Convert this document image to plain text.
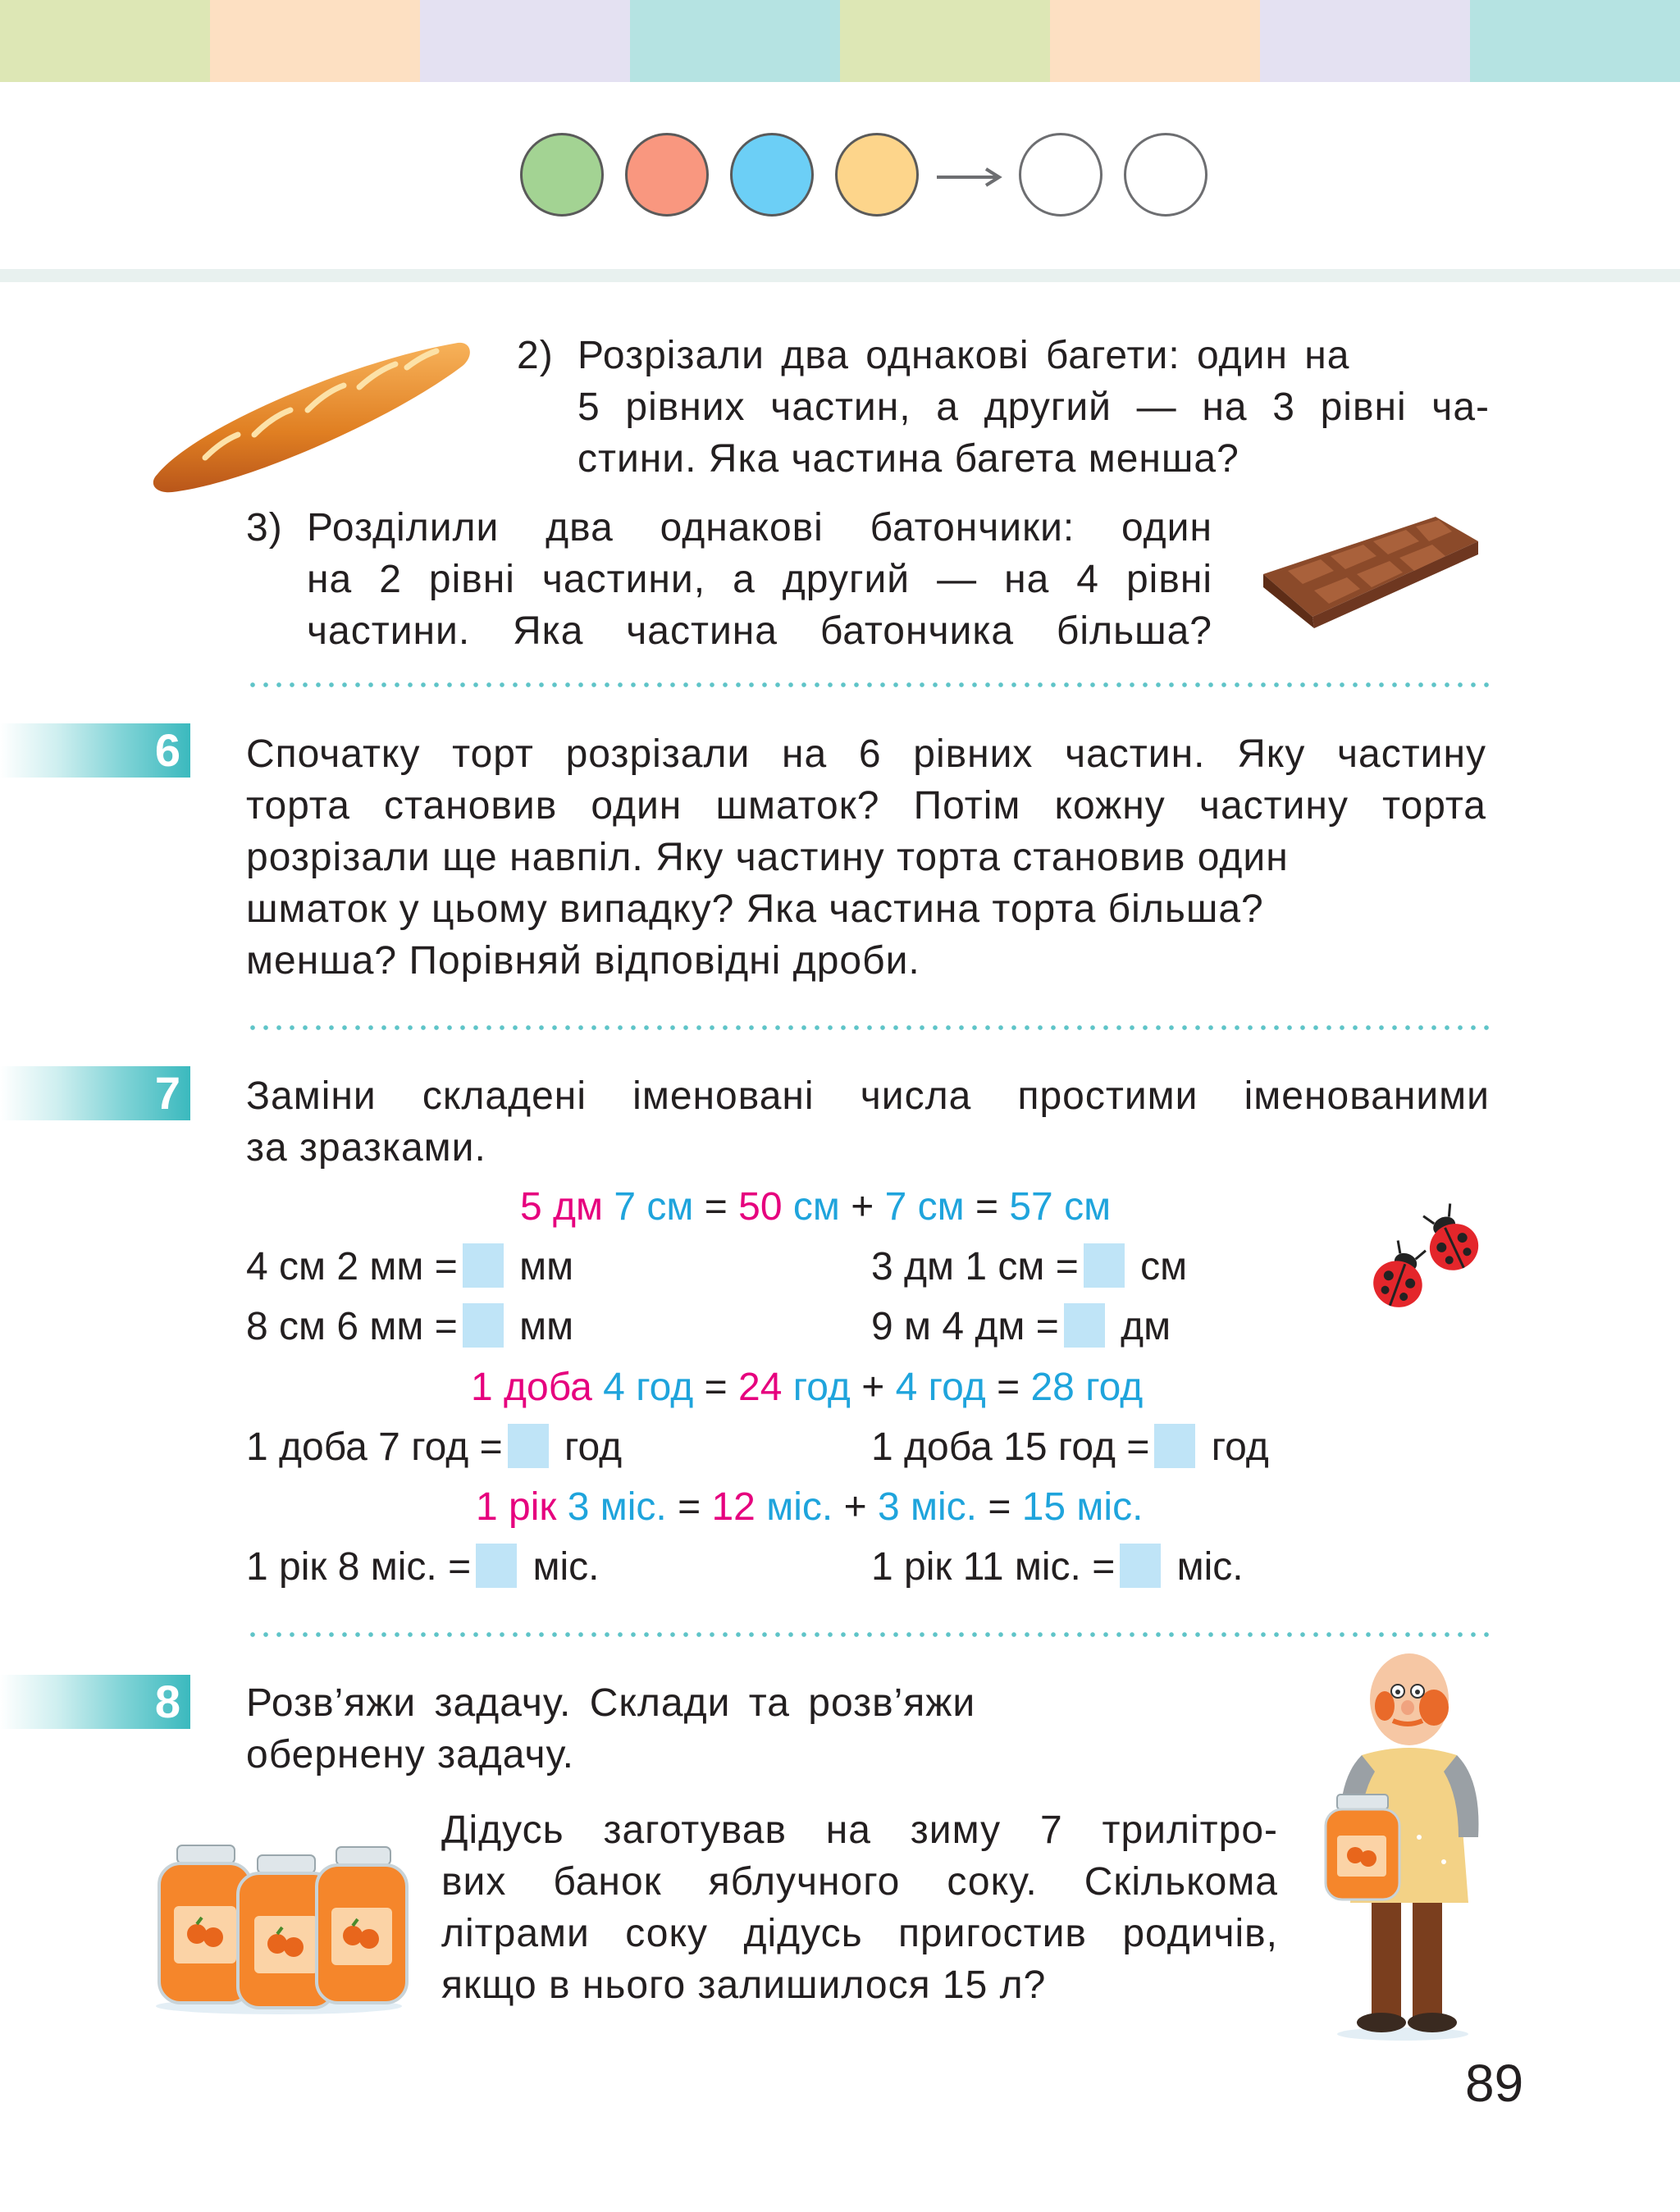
2) Розрізали два однакові багети: один на
5 рівних частин, а другий — на 3 рівні ча-
стини. Яка частина багета менша?
3) Розділили два однакові батончики: один
на 2 рівні частини, а другий — на 4 рівні
частини. Яка частина батончика більша?
6 Спочатку торт розрізали на 6 рівних частин. Яку частину
торта становив один шматок? Потім кожну частину торта
розрізали ще навпіл. Яку частину торта становив один
шматок у цьому випадку? Яка частина торта більша?
менша? Порівняй відповідні дроби.
7 Заміни складені іменовані числа простими іменованими
за зразками.
5 дм 7 см = 50 см + 7 см = 57 см
4 см 2 мм = мм	3 дм 1 см = см
8 см 6 мм = мм	9 м 4 дм = дм
1 доба 4 год = 24 год + 4 год = 28 год
1 доба 7 год = год	1 доба 15 год = год
1 рік 3 міс. = 12 міс. + 3 міс. = 15 міс.
1 рік 8 міс. = міс.	1 рік 11 міс. = міс.
8 Розв’яжи задачу. Склади та розв’яжи
обернену задачу.
Дідусь заготував на зиму 7 трилітро-
вих банок яблучного соку. Скількома
літрами соку дідусь пригостив родичів,
якщо в нього залишилося 15 л?
89
